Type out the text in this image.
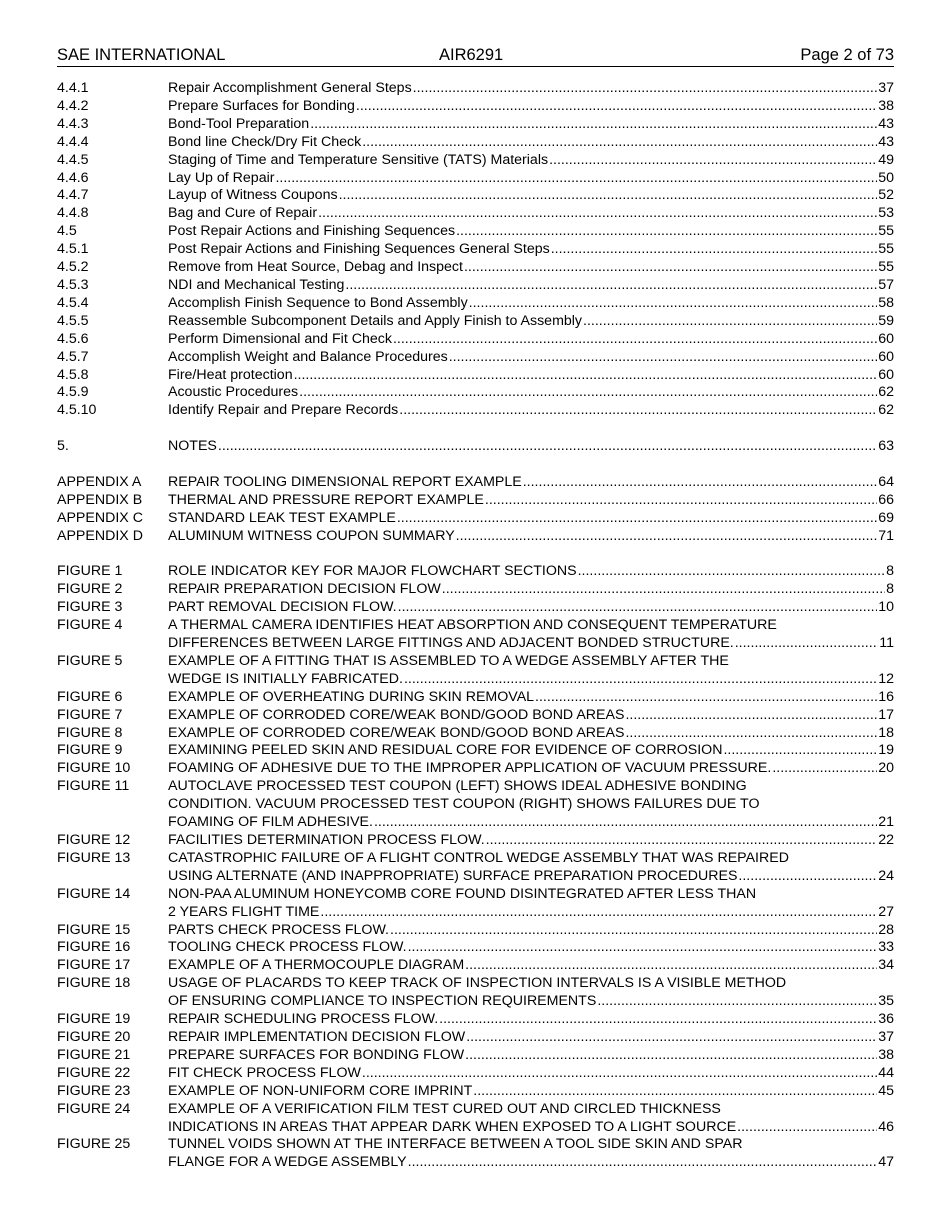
SAE INTERNATIONAL	AIR6291	Page 2 of 73
4.4.1	Repair Accomplishment General Steps .....	37
4.4.2	Prepare Surfaces for Bonding .....	38
4.4.3	Bond-Tool Preparation .....	43
4.4.4	Bond line Check/Dry Fit Check .....	43
4.4.5	Staging of Time and Temperature Sensitive (TATS) Materials .....	49
4.4.6	Lay Up of Repair .....	50
4.4.7	Layup of Witness Coupons .....	52
4.4.8	Bag and Cure of Repair .....	53
4.5	Post Repair Actions and Finishing Sequences .....	55
4.5.1	Post Repair Actions and Finishing Sequences General Steps .....	55
4.5.2	Remove from Heat Source, Debag and Inspect .....	55
4.5.3	NDI and Mechanical Testing .....	57
4.5.4	Accomplish Finish Sequence to Bond Assembly .....	58
4.5.5	Reassemble Subcomponent Details and Apply Finish to Assembly .....	59
4.5.6	Perform Dimensional and Fit Check .....	60
4.5.7	Accomplish Weight and Balance Procedures .....	60
4.5.8	Fire/Heat protection .....	60
4.5.9	Acoustic Procedures .....	62
4.5.10	Identify Repair and Prepare Records .....	62
5.	NOTES .....	63
APPENDIX A	REPAIR TOOLING DIMENSIONAL REPORT EXAMPLE .....	64
APPENDIX B	THERMAL AND PRESSURE REPORT EXAMPLE .....	66
APPENDIX C	STANDARD LEAK TEST EXAMPLE .....	69
APPENDIX D	ALUMINUM WITNESS COUPON SUMMARY .....	71
FIGURE 1	ROLE INDICATOR KEY FOR MAJOR FLOWCHART SECTIONS .....	8
FIGURE 2	REPAIR PREPARATION DECISION FLOW .....	8
FIGURE 3	PART REMOVAL DECISION FLOW. .....	10
FIGURE 4	A THERMAL CAMERA IDENTIFIES HEAT ABSORPTION AND CONSEQUENT TEMPERATURE
DIFFERENCES BETWEEN LARGE FITTINGS AND ADJACENT BONDED STRUCTURE. .....	11
FIGURE 5	EXAMPLE OF A FITTING THAT IS ASSEMBLED TO A WEDGE ASSEMBLY AFTER THE
WEDGE IS INITIALLY FABRICATED. .....	12
FIGURE 6	EXAMPLE OF OVERHEATING DURING SKIN REMOVAL .....	16
FIGURE 7	EXAMPLE OF CORRODED CORE/WEAK BOND/GOOD BOND AREAS .....	17
FIGURE 8	EXAMPLE OF CORRODED CORE/WEAK BOND/GOOD BOND AREAS .....	18
FIGURE 9	EXAMINING PEELED SKIN AND RESIDUAL CORE FOR EVIDENCE OF CORROSION .....	19
FIGURE 10	FOAMING OF ADHESIVE DUE TO THE IMPROPER APPLICATION OF VACUUM PRESSURE. .....	20
FIGURE 11	AUTOCLAVE PROCESSED TEST COUPON (LEFT) SHOWS IDEAL ADHESIVE BONDING
CONDITION. VACUUM PROCESSED TEST COUPON (RIGHT) SHOWS FAILURES DUE TO
FOAMING OF FILM ADHESIVE. .....	21
FIGURE 12	FACILITIES DETERMINATION PROCESS FLOW. .....	22
FIGURE 13	CATASTROPHIC FAILURE OF A FLIGHT CONTROL WEDGE ASSEMBLY THAT WAS REPAIRED
USING ALTERNATE (AND INAPPROPRIATE) SURFACE PREPARATION PROCEDURES .....	24
FIGURE 14	NON-PAA ALUMINUM HONEYCOMB CORE FOUND DISINTEGRATED AFTER LESS THAN
2 YEARS FLIGHT TIME .....	27
FIGURE 15	PARTS CHECK PROCESS FLOW. .....	28
FIGURE 16	TOOLING CHECK PROCESS FLOW. .....	33
FIGURE 17	EXAMPLE OF A THERMOCOUPLE DIAGRAM .....	34
FIGURE 18	USAGE OF PLACARDS TO KEEP TRACK OF INSPECTION INTERVALS IS A VISIBLE METHOD
OF ENSURING COMPLIANCE TO INSPECTION REQUIREMENTS .....	35
FIGURE 19	REPAIR SCHEDULING PROCESS FLOW. .....	36
FIGURE 20	REPAIR IMPLEMENTATION DECISION FLOW .....	37
FIGURE 21	PREPARE SURFACES FOR BONDING FLOW .....	38
FIGURE 22	FIT CHECK PROCESS FLOW .....	44
FIGURE 23	EXAMPLE OF NON-UNIFORM CORE IMPRINT .....	45
FIGURE 24	EXAMPLE OF A VERIFICATION FILM TEST CURED OUT AND CIRCLED THICKNESS
INDICATIONS IN AREAS THAT APPEAR DARK WHEN EXPOSED TO A LIGHT SOURCE .....	46
FIGURE 25	TUNNEL VOIDS SHOWN AT THE INTERFACE BETWEEN A TOOL SIDE SKIN AND SPAR
FLANGE FOR A WEDGE ASSEMBLY .....	47
